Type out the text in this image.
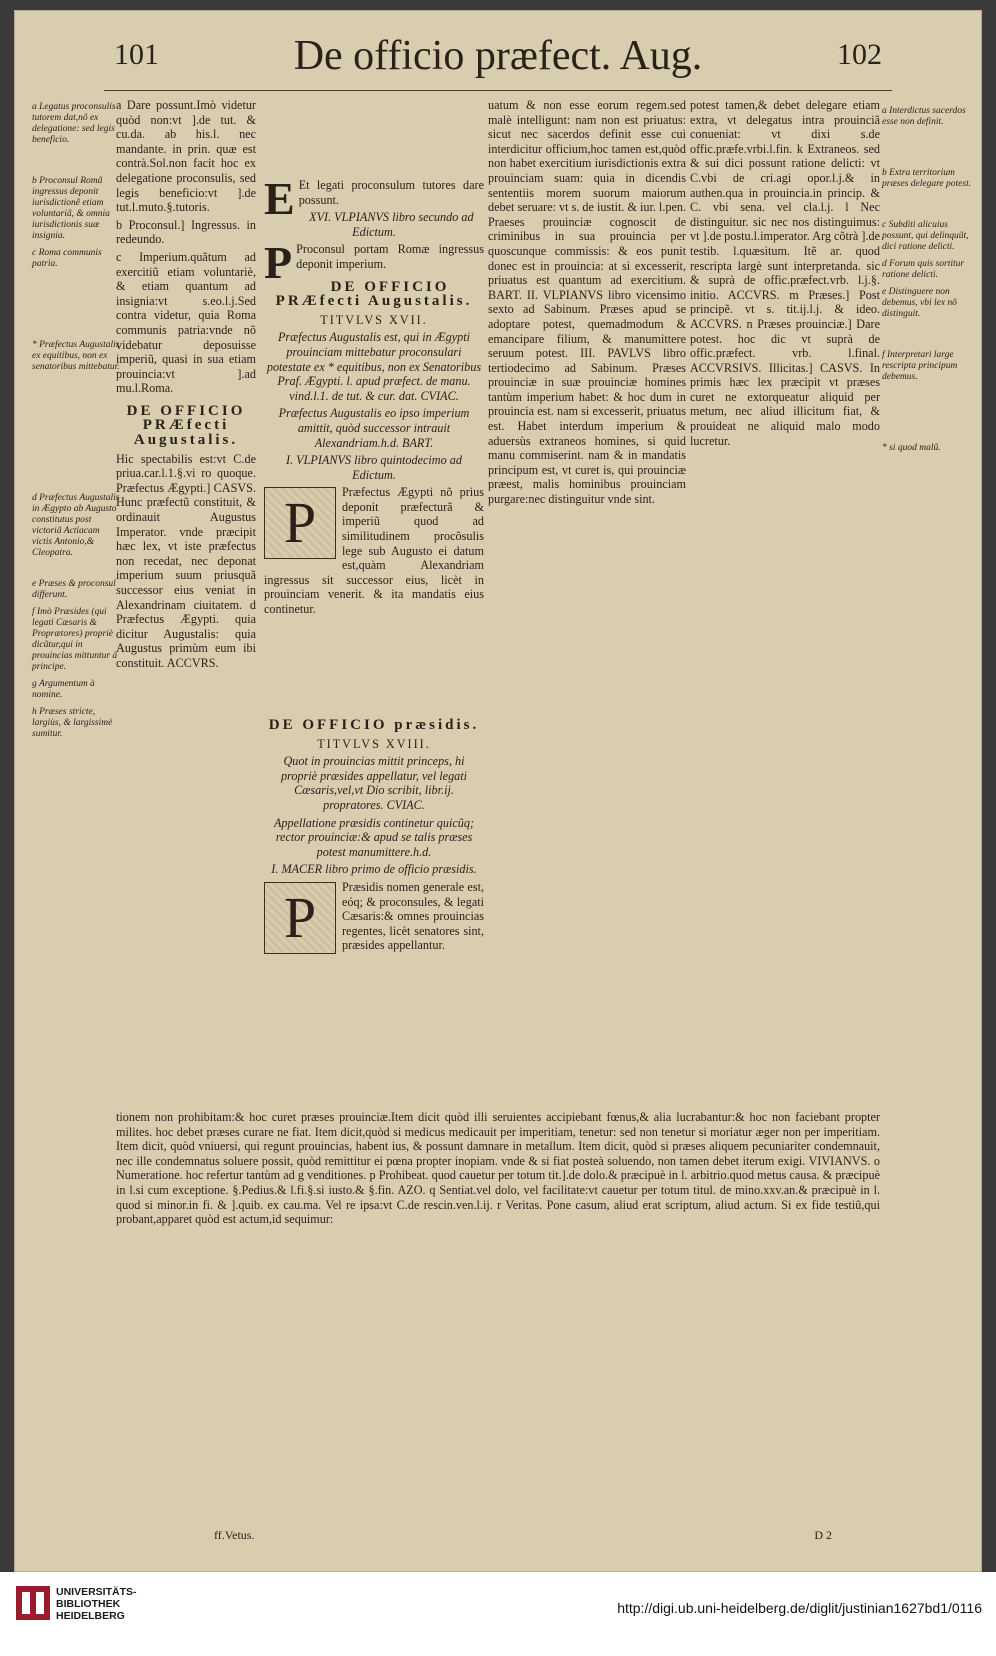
101	De officio præfect. Aug.	102

a Legatus proconsulis tutorem dat,nõ ex delegatione: sed legis beneficio.

b Proconsul Romã ingressus deponit iurisdictionẽ etiam voluntariã, & omnia iurisdictionis suæ insignia.

c Roma communis patria.

* Præfectus Augustalis ex equitibus, non ex senatoribus mittebatur.

d Præfectus Augustalis in Ægypto ab Augusto constitutus post victoriã Actiacam victis Antonio,& Cleopatra.

e Præses & proconsul differunt.

f Imò Præsides (qui legati Cæsaris & Proprætores) propriè dicũtur,qui in prouincias mittuntur à principe.

g Argumentum à nomine.

h Præses stricte, largiùs, & largissimè sumitur.

a Interdictus sacerdos esse non definit.

b Extra territorium præses delegare potest.

c Subditi alicuius possunt, qui delinquũt, dici ratione delicti.

d Forum quis sortitur ratione delicti.

e Distinguere non debemus, vbi lex nõ distinguit.

f Interpretari large rescripta principum debemus.

* si quod malũ.

a Dare possunt.Imò videtur quòd non:vt ].de tut. & cu.da. ab his.l. nec mandante. in prin. quæ est contrà.Sol.non facit hoc ex delegatione proconsulis, sed legis beneficio:vt ].de tut.l.muto.§.tutoris.

b Proconsul.] Ingressus. in redeundo.

c Imperium.quãtum ad exercitiũ etiam voluntariè, & etiam quantum ad insignia:vt s.eo.l.j.Sed contra videtur, quia Roma communis patria:vnde nõ videbatur deposuisse imperiũ, quasi in sua etiam prouincia:vt ].ad mu.l.Roma.

DE OFFICIO PRÆfecti Augustalis.

Hic spectabilis est:vt C.de priua.car.l.1.§.vi ro quoque. Præfectus Ægypti.] CASVS. Hunc præfectũ constituit, & ordinauit Augustus Imperator. vnde præcipit hæc lex, vt iste præfectus non recedat, nec deponat imperium suum priusquã successor eius veniat in Alexandrinam ciuitatem. d Præfectus Ægypti. quia dicitur Augustalis: quia Augustus primùm eum ibi constituit. ACCVRS.

E Et legati proconsulum tutores dare possunt.

XVI. VLPIANVS libro secundo ad Edictum.

P Proconsul portam Romæ ingressus deponit imperium.

DE OFFICIO PRÆfecti Augustalis.

TITVLVS XVII.

Præfectus Augustalis est, qui in Ægypti prouinciam mittebatur proconsulari potestate ex * equitibus, non ex Senatoribus Praf. Ægypti. l. apud præfect. de manu. vind.l.1. de tut. & cur. dat. CVIAC.

Præfectus Augustalis eo ipso imperium amittit, quòd successor intrauit Alexandriam.h.d. BART.

I. VLPIANVS libro quintodecimo ad Edictum.

P	Præfectus Ægypti nõ prius deponit præfecturã & imperiũ quod ad similitudinem procõsulis lege sub Augusto ei datum est,quàm Alexandriam ingressus sit successor eius, licèt in prouinciam venerit. & ita mandatis eius continetur.

DE OFFICIO præsidis.

TITVLVS XVIII.

Quot in prouincias mittit princeps, hi propriè præsides appellatur, vel legati Cæsaris,vel,vt Dio scribit, libr.ij. propratores. CVIAC.

Appellatione præsidis continetur quicũq; rector prouinciæ:& apud se talis præses potest manumittere.h.d.

I. MACER libro primo de officio præsidis.

P	Præsidis nomen generale est, eóq; & proconsules, & legati Cæsaris:& omnes prouincias regentes, licèt senatores sint, præsides appellantur.

uatum & non esse eorum regem.sed malè intelligunt: nam non est priuatus: sicut nec sacerdos definit esse cui interdicitur officium,hoc tamen est,quòd non habet exercitium iurisdictionis extra prouinciam suam: quia in dicendis sententiis morem suorum maiorum debet seruare: vt s. de iustit. & iur. l.pen. Praeses prouinciæ cognoscit de criminibus in sua prouincia per quoscunque commissis: & eos punit donec est in prouincia: at si excesserit, priuatus est quantum ad exercitium. BART. II. VLPIANVS libro vicensimo sexto ad Sabinum. Præses apud se adoptare potest, quemadmodum & emancipare filium, & manumittere seruum potest. III. PAVLVS libro tertiodecimo ad Sabinum. Præses prouinciæ in suæ prouinciæ homines tantùm imperium habet: & hoc dum in prouincia est. nam si excesserit, priuatus est. Habet interdum imperium & aduersùs extraneos homines, si quid manu commiserint. nam & in mandatis principum est, vt curet is, qui prouinciæ præest, malis hominibus prouinciam purgare:nec distinguitur vnde sint.

potest tamen,& debet delegare etiam extra, vt delegatus intra prouinciã conueniat: vt dixi s.de offic.præfe.vrbi.l.fin. k Extraneos. sed & sui dici possunt ratione delicti: vt C.vbi de cri.agi opor.l.j.& in authen.qua in prouincia.in princip. & C. vbi sena. vel cla.l.j. l Nec distinguitur. sic nec nos distinguimus: vt ].de postu.l.imperator. Arg cõtrà ].de testib. l.quæsitum. Itẽ ar. quod rescripta largè sunt interpretanda. sic & suprà de offic.præfect.vrb. l.j.§. initio. ACCVRS. m Præses.] Post principẽ. vt s. tit.ij.l.j. & ideo. ACCVRS. n Præses prouinciæ.] Dare potest. hoc dic vt suprà de offic.præfect. vrb. l.final. ACCVRSIVS. Illicitas.] CASVS. In primis hæc lex præcipit vt præses curet ne extorqueatur aliquid per metum, nec aliud illicitum fiat, & prouideat ne aliquid malo modo lucretur.

tionem non prohibitam:& hoc curet præses prouinciæ.Item dicit quòd illi seruientes accipiebant fœnus,& alia lucrabantur:& hoc non faciebant propter milites. hoc debet præses curare ne fiat. Item dicit,quòd si medicus medicauit per imperitiam, tenetur: sed non tenetur si moriatur æger non per imperitiam. Item dicit, quòd vniuersi, qui regunt prouincias, habent ius, & possunt damnare in metallum. Item dicit, quòd si præses aliquem pecuniariter condemnauit, nec ille condemnatus soluere possit, quòd remittitur ei pœna propter inopiam. vnde & si fiat posteà soluendo, non tamen debet iterum exigi. VIVIANVS. o Numeratione. hoc refertur tantùm ad g venditiones. p Prohibeat. quod cauetur per totum tit.].de dolo.& præcipuè in l. arbitrio.quod metus causa. & præcipuè in l.si cum exceptione. §.Pedius.& l.fi.§.si iusto.& §.fin. AZO. q Sentiat.vel dolo, vel facilitate:vt cauetur per totum titul. de mino.xxv.an.& præcipuè in l. quod si minor.in fi. & ].quib. ex cau.ma. Vel re ipsa:vt C.de rescin.ven.l.ij. r Veritas. Pone casum, aliud erat scriptum, aliud actum. Si ex fide testiũ,qui probant,apparet quòd est actum,id sequimur:

ff.Vetus.	D 2
UNIVERSITÄTS-
BIBLIOTHEK
HEIDELBERG	http://digi.ub.uni-heidelberg.de/diglit/justinian1627bd1/0116
